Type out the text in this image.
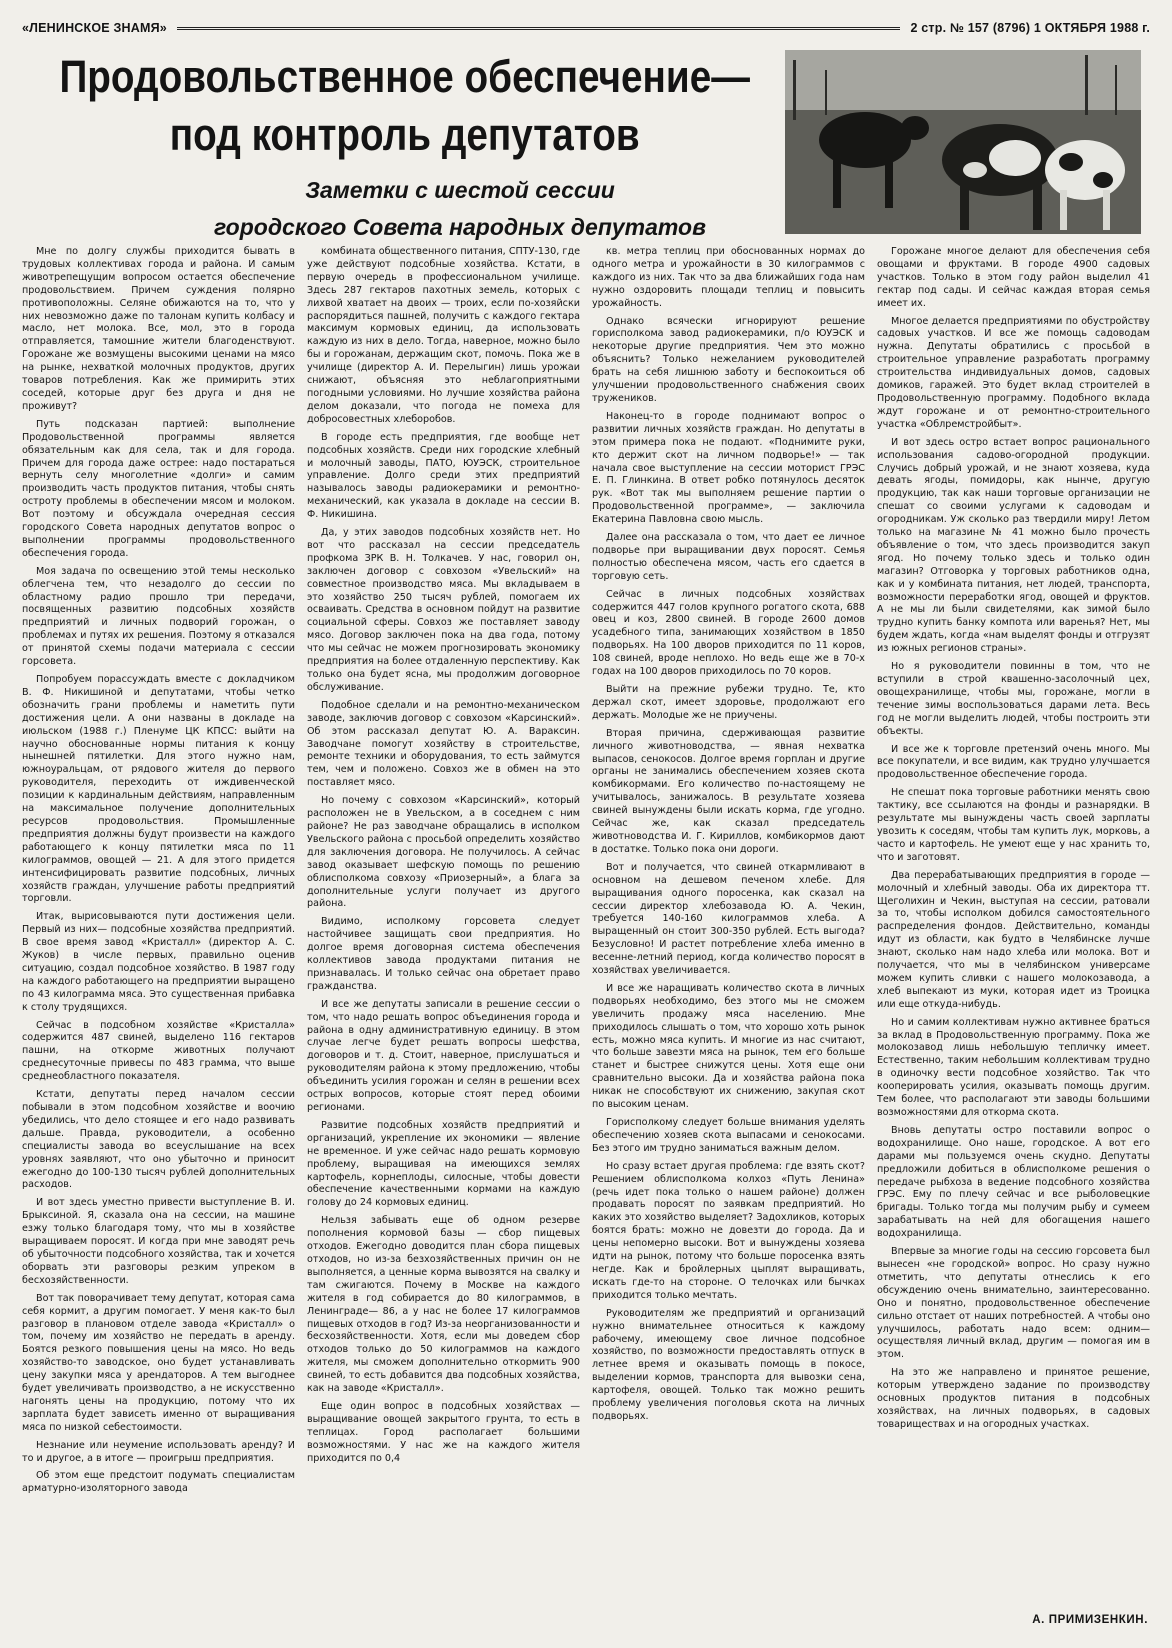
«ЛЕНИНСКОЕ ЗНАМЯ»	2 стр. № 157 (8796) 1 ОКТЯБРЯ 1988 г.
Продовольственное обеспечение—
под контроль депутатов
Заметки с шестой сессии
городского Совета народных депутатов

Мне по долгу службы приходится бывать в трудовых коллективах города и района. И самым животрепещущим вопросом остается обеспечение продовольствием. Причем суждения полярно противоположны. Селяне обижаются на то, что у них невозможно даже по талонам купить колбасу и масло, нет молока. Все, мол, это в города отправляется, тамошние жители благоденствуют. Горожане же возмущены высокими ценами на мясо на рынке, нехваткой молочных продуктов, других товаров потребления. Как же примирить этих соседей, которые друг без друга и дня не проживут?

Путь подсказан партией: выполнение Продовольственной программы является обязательным как для села, так и для города. Причем для города даже острее: надо постараться вернуть селу многолетние «долги» и самим производить часть продуктов питания, чтобы снять остроту проблемы в обеспечении мясом и молоком. Вот поэтому и обсуждала очередная сессия городского Совета народных депутатов вопрос о выполнении программы продовольственного обеспечения города.

Моя задача по освещению этой темы несколько облегчена тем, что незадолго до сессии по областному радио прошло три передачи, посвященных развитию подсобных хозяйств предприятий и личных подворий горожан, о проблемах и путях их решения. Поэтому я отказался от принятой схемы подачи материала с сессии горсовета.

Попробуем порассуждать вместе с докладчиком В. Ф. Никишиной и депутатами, чтобы четко обозначить грани проблемы и наметить пути достижения цели. А они названы в докладе на июльском (1988 г.) Пленуме ЦК КПСС: выйти на научно обоснованные нормы питания к концу нынешней пятилетки. Для этого нужно нам, южноуральцам, от рядового жителя до первого руководителя, переходить от иждивенческой позиции к кардинальным действиям, направленным на максимальное получение дополнительных ресурсов продовольствия. Промышленные предприятия должны будут произвести на каждого работающего к концу пятилетки мяса по 11 килограммов, овощей — 21. А для этого придется интенсифицировать развитие подсобных, личных хозяйств граждан, улучшение работы предприятий торговли.

Итак, вырисовываются пути достижения цели. Первый из них— подсобные хозяйства предприятий. В свое время завод «Кристалл» (директор А. С. Жуков) в числе первых, правильно оценив ситуацию, создал подсобное хозяйство. В 1987 году на каждого работающего на предприятии выращено по 43 килограмма мяса. Это существенная прибавка к столу трудящихся.

Сейчас в подсобном хозяйстве «Кристалла» содержится 487 свиней, выделено 116 гектаров пашни, на откорме животных получают среднесуточные привесы по 483 грамма, что выше среднеобластного показателя.

Кстати, депутаты перед началом сессии побывали в этом подсобном хозяйстве и воочию убедились, что дело стоящее и его надо развивать дальше. Правда, руководители, а особенно специалисты завода во всеуслышание на всех уровнях заявляют, что оно убыточно и приносит ежегодно до 100-130 тысяч рублей дополнительных расходов.

И вот здесь уместно привести выступление В. И. Брыксиной. Я, сказала она на сессии, на машине езжу только благодаря тому, что мы в хозяйстве выращиваем поросят. И когда при мне заводят речь об убыточности подсобного хозяйства, так и хочется оборвать эти разговоры резким упреком в бесхозяйственности.

Вот так поворачивает тему депутат, которая сама себя кормит, а другим помогает. У меня как-то был разговор в плановом отделе завода «Кристалл» о том, почему им хозяйство не передать в аренду. Боятся резкого повышения цены на мясо. Но ведь хозяйство-то заводское, оно будет устанавливать цену закупки мяса у арендаторов. А тем выгоднее будет увеличивать производство, а не искусственно нагонять цены на продукцию, потому что их зарплата будет зависеть именно от выращивания мяса по низкой себестоимости.

Незнание или неумение использовать аренду? И то и другое, а в итоге — проигрыш предприятия.

Об этом еще предстоит подумать специалистам арматурно-изоляторного завода

комбината общественного питания, СПТУ-130, где уже действуют подсобные хозяйства. Кстати, в первую очередь в профессиональном училище. Здесь 287 гектаров пахотных земель, которых с лихвой хватает на двоих — троих, если по-хозяйски распорядиться пашней, получить с каждого гектара максимум кормовых единиц, да использовать каждую из них в дело. Тогда, наверное, можно было бы и горожанам, держащим скот, помочь. Пока же в училище (директор А. И. Перелыгин) лишь урожаи снижают, объясняя это неблагоприятными погодными условиями. Но лучшие хозяйства района делом доказали, что погода не помеха для добросовестных хлеборобов.

В городе есть предприятия, где вообще нет подсобных хозяйств. Среди них городские хлебный и молочный заводы, ПАТО, ЮУЭСК, строительное управление. Долго среди этих предприятий называлось заводы радиокерамики и ремонтно-механический, как указала в докладе на сессии В. Ф. Никишина.

Да, у этих заводов подсобных хозяйств нет. Но вот что рассказал на сессии председатель профкома ЗРК В. Н. Толкачев. У нас, говорил он, заключен договор с совхозом «Увельский» на совместное производство мяса. Мы вкладываем в это хозяйство 250 тысяч рублей, помогаем их осваивать. Средства в основном пойдут на развитие социальной сферы. Совхоз же поставляет заводу мясо. Договор заключен пока на два года, потому что мы сейчас не можем прогнозировать экономику предприятия на более отдаленную перспективу. Как только она будет ясна, мы продолжим договорное обслуживание.

Подобное сделали и на ремонтно-механическом заводе, заключив договор с совхозом «Карсинский». Об этом рассказал депутат Ю. А. Вараксин. Заводчане помогут хозяйству в строительстве, ремонте техники и оборудования, то есть займутся тем, чем и положено. Совхоз же в обмен на это поставляет мясо.

Но почему с совхозом «Карсинский», который расположен не в Увельском, а в соседнем с ним районе? Не раз заводчане обращались в исполком Увельского района с просьбой определить хозяйство для заключения договора. Не получилось. А сейчас завод оказывает шефскую помощь по решению облисполкома совхозу «Приозерный», а блага за дополнительные услуги получает из другого района.

Видимо, исполкому горсовета следует настойчивее защищать свои предприятия. Но долгое время договорная система обеспечения коллективов завода продуктами питания не признавалась. И только сейчас она обретает право гражданства.

И все же депутаты записали в решение сессии о том, что надо решать вопрос объединения города и района в одну административную единицу. В этом случае легче будет решать вопросы шефства, договоров и т. д. Стоит, наверное, прислушаться и руководителям района к этому предложению, чтобы объединить усилия горожан и селян в решении всех острых вопросов, которые стоят перед обоими регионами.

Развитие подсобных хозяйств предприятий и организаций, укрепление их экономики — явление не временное. И уже сейчас надо решать кормовую проблему, выращивая на имеющихся землях картофель, корнеплоды, силосные, чтобы довести обеспечение качественными кормами на каждую голову до 24 кормовых единиц.

Нельзя забывать еще об одном резерве пополнения кормовой базы — сбор пищевых отходов. Ежегодно доводится план сбора пищевых отходов, но из-за безхозяйственных причин он не выполняется, а ценные корма вывозятся на свалку и там сжигаются. Почему в Москве на каждого жителя в год собирается до 80 килограммов, в Ленинграде— 86, а у нас не более 17 килограммов пищевых отходов в год? Из-за неорганизованности и бесхозяйственности. Хотя, если мы доведем сбор отходов только до 50 килограммов на каждого жителя, мы сможем дополнительно откормить 900 свиней, то есть добавится два подсобных хозяйства, как на заводе «Кристалл».

Еще один вопрос в подсобных хозяйствах — выращивание овощей закрытого грунта, то есть в теплицах. Город располагает большими возможностями. У нас же на каждого жителя приходится по 0,4

кв. метра теплиц при обоснованных нормах до одного метра и урожайности в 30 килограммов с каждого из них. Так что за два ближайших года нам нужно оздоровить площади теплиц и повысить урожайность.

Однако всячески игнорируют решение горисполкома завод радиокерамики, п/о ЮУЭСК и некоторые другие предприятия. Чем это можно объяснить? Только нежеланием руководителей брать на себя лишнюю заботу и беспокоиться об улучшении продовольственного снабжения своих тружеников.

Наконец-то в городе поднимают вопрос о развитии личных хозяйств граждан. Но депутаты в этом примера пока не подают. «Поднимите руки, кто держит скот на личном подворье!» — так начала свое выступление на сессии моторист ГРЭС Е. П. Глинкина. В ответ робко потянулось десяток рук. «Вот так мы выполняем решение партии о Продовольственной программе», — заключила Екатерина Павловна свою мысль.

Далее она рассказала о том, что дает ее личное подворье при выращивании двух поросят. Семья полностью обеспечена мясом, часть его сдается в торговую сеть.

Сейчас в личных подсобных хозяйствах содержится 447 голов крупного рогатого скота, 688 овец и коз, 2800 свиней. В городе 2600 домов усадебного типа, занимающих хозяйством в 1850 подворьях. На 100 дворов приходится по 11 коров, 108 свиней, вроде неплохо. Но ведь еще же в 70-х годах на 100 дворов приходилось по 70 коров.

Выйти на прежние рубежи трудно. Те, кто держал скот, имеет здоровье, продолжают его держать. Молодые же не приучены.

Вторая причина, сдерживающая развитие личного животноводства, — явная нехватка выпасов, сенокосов. Долгое время горплан и другие органы не занимались обеспечением хозяев скота комбикормами. Его количество по-настоящему не учитывалось, занижалось. В результате хозяева свиней вынуждены были искать корма, где угодно. Сейчас же, как сказал председатель животноводства И. Г. Кириллов, комбикормов дают в достатке. Только пока они дороги.

Вот и получается, что свиней откармливают в основном на дешевом печеном хлебе. Для выращивания одного поросенка, как сказал на сессии директор хлебозавода Ю. А. Чекин, требуется 140-160 килограммов хлеба. А выращенный он стоит 300-350 рублей. Есть выгода? Безусловно! И растет потребление хлеба именно в весенне-летний период, когда количество поросят в хозяйствах увеличивается.

И все же наращивать количество скота в личных подворьях необходимо, без этого мы не сможем увеличить продажу мяса населению. Мне приходилось слышать о том, что хорошо хоть рынок есть, можно мяса купить. И многие из нас считают, что больше завезти мяса на рынок, тем его больше станет и быстрее снижутся цены. Хотя еще они сравнительно высоки. Да и хозяйства района пока никак не способствуют их снижению, закупая скот по высоким ценам.

Горисполкому следует больше внимания уделять обеспечению хозяев скота выпасами и сенокосами. Без этого им трудно заниматься важным делом.

Но сразу встает другая проблема: где взять скот? Решением облисполкома колхоз «Путь Ленина» (речь идет пока только о нашем районе) должен продавать поросят по заявкам предприятий. Но каких это хозяйство выделяет? Задохликов, которых боятся брать: можно не довезти до города. Да и цены непомерно высоки. Вот и вынуждены хозяева идти на рынок, потому что больше поросенка взять негде. Как и бройлерных цыплят выращивать, искать где-то на стороне. О телочках или бычках приходится только мечтать.

Руководителям же предприятий и организаций нужно внимательнее относиться к каждому рабочему, имеющему свое личное подсобное хозяйство, по возможности предоставлять отпуск в летнее время и оказывать помощь в покосе, выделении кормов, транспорта для вывозки сена, картофеля, овощей. Только так можно решить проблему увеличения поголовья скота на личных подворьях.

Горожане многое делают для обеспечения себя овощами и фруктами. В городе 4900 садовых участков. Только в этом году район выделил 41 гектар под сады. И сейчас каждая вторая семья имеет их.

Многое делается предприятиями по обустройству садовых участков. И все же помощь садоводам нужна. Депутаты обратились с просьбой в строительное управление разработать программу строительства индивидуальных домов, садовых домиков, гаражей. Это будет вклад строителей в Продовольственную программу. Подобного вклада ждут горожане и от ремонтно-строительного участка «Облремстройбыт».

И вот здесь остро встает вопрос рационального использования садово-огородной продукции. Случись добрый урожай, и не знают хозяева, куда девать ягоды, помидоры, как нынче, другую продукцию, так как наши торговые организации не спешат со своими услугами к садоводам и огородникам. Уж сколько раз твердили миру! Летом только на магазине № 41 можно было прочесть объявление о том, что здесь производится закуп ягод. Но почему только здесь и только один магазин? Отговорка у торговых работников одна, как и у комбината питания, нет людей, транспорта, возможности переработки ягод, овощей и фруктов. А не мы ли были свидетелями, как зимой было трудно купить банку компота или варенья? Нет, мы будем ждать, когда «нам выделят фонды и отгрузят из южных регионов страны».

Но я руководители повинны в том, что не вступили в строй квашенно-засолочный цех, овощехранилище, чтобы мы, горожане, могли в течение зимы воспользоваться дарами лета. Весь год не могли выделить людей, чтобы построить эти объекты.

И все же к торговле претензий очень много. Мы все покупатели, и все видим, как трудно улучшается продовольственное обеспечение города.

Не спешат пока торговые работники менять свою тактику, все ссылаются на фонды и разнарядки. В результате мы вынуждены часть своей зарплаты увозить к соседям, чтобы там купить лук, морковь, а часто и картофель. Не умеют еще у нас хранить то, что и заготовят.

Два перерабатывающих предприятия в городе — молочный и хлебный заводы. Оба их директора тт. Щеголихин и Чекин, выступая на сессии, ратовали за то, чтобы исполком добился самостоятельного распределения фондов. Действительно, команды идут из области, как будто в Челябинске лучше знают, сколько нам надо хлеба или молока. Вот и получается, что мы в челябинском универсаме можем купить сливки с нашего молокозавода, а хлеб выпекают из муки, которая идет из Троицка или еще откуда-нибудь.

Но и самим коллективам нужно активнее браться за вклад в Продовольственную программу. Пока же молокозавод лишь небольшую тепличку имеет. Естественно, таким небольшим коллективам трудно в одиночку вести подсобное хозяйство. Так что кооперировать усилия, оказывать помощь другим. Тем более, что располагают эти заводы большими возможностями для откорма скота.

Вновь депутаты остро поставили вопрос о водохранилище. Оно наше, городское. А вот его дарами мы пользуемся очень скудно. Депутаты предложили добиться в облисполкоме решения о передаче рыбхоза в ведение подсобного хозяйства ГРЭС. Ему по плечу сейчас и все рыболовецкие бригады. Только тогда мы получим рыбу и сумеем зарабатывать на ней для обогащения нашего водохранилища.

Впервые за многие годы на сессию горсовета был вынесен «не городской» вопрос. Но сразу нужно отметить, что депутаты отнеслись к его обсуждению очень внимательно, заинтересованно. Оно и понятно, продовольственное обеспечение сильно отстает от наших потребностей. А чтобы оно улучшилось, работать надо всем: одним—осуществляя личный вклад, другим — помогая им в этом.

На это же направлено и принятое решение, которым утверждено задание по производству основных продуктов питания в подсобных хозяйствах, на личных подворьях, в садовых товариществах и на огородных участках.

А. ПРИМИЗЕНКИН.
